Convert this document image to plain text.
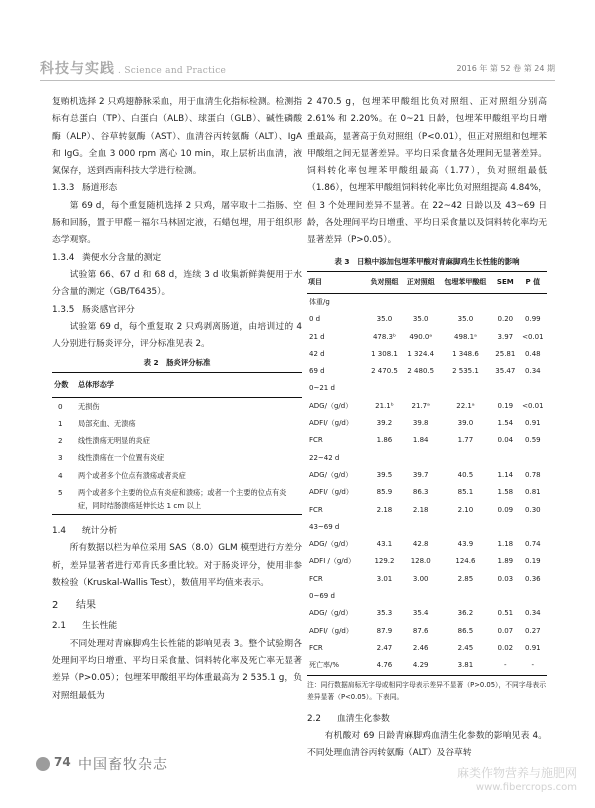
科技与实践 . Science and Practice	2016 年 第 52 卷 第 24 期

复贿机选择 2 只鸡翅静脉采血，用于血清生化指标检测。检测指标有总蛋白（TP）、白蛋白（ALB）、球蛋白（GLB）、碱性磷酸酶（ALP）、谷草转氨酶（AST）、血清谷丙转氨酶（ALT）、IgA 和 IgG。全血 3 000 rpm 离心 10 min，取上层析出血清，液氮保存，送到西南科技大学进行检测。

1.3.3 肠道形态

第 69 d，每个重复随机选择 2 只鸡，屠宰取十二指肠、空肠和回肠，置于甲醛－福尔马林固定液，石蜡包埋，用于组织形态学观察。

1.3.4 粪便水分含量的测定

试验第 66、67 d 和 68 d，连续 3 d 收集新鲜粪便用于水分含量的测定（GB/T6435）。

1.3.5 肠炎感官评分

试验第 69 d，每个重复取 2 只鸡剥离肠道，由培训过的 4 人分别进行肠炎评分，评分标准见表 2。

表 2　肠炎评分标准
分数	总体形态学
0	无损伤
1	局部充血、无溃疡
2	线性溃疡无明显的炎症
3	线性溃疡在一个位置有炎症
4	两个或者多个位点有溃疡或者炎症
5	两个或者多个主要的位点有炎症和溃疡；或者一个主要的位点有炎症，同时结肠溃疡延伸长达 1 cm 以上
1.4 统计分析

所有数据以栏为单位采用 SAS（8.0）GLM 模型进行方差分析，差异显著者进行邓肯氏多重比较。对于肠炎评分，使用非参数检验（Kruskal-Wallis Test），数值用平均值来表示。

2 结果
2.1 生长性能

不同处理对青麻脚鸡生长性能的影响见表 3。整个试验期各处理间平均日增重、平均日采食量、饲料转化率及死亡率无显著差异（P>0.05）；包埋苯甲酸组平均体重最高为 2 535.1 g，负对照组最低为

2 470.5 g，包埋苯甲酸组比负对照组、正对照组分别高 2.61% 和 2.20%。在 0~21 日龄，包埋苯甲酸组平均日增重最高，显著高于负对照组（P<0.01），但正对照组和包埋苯甲酸组之间无显著差异。平均日采食量各处理间无显著差异。饲料转化率包埋苯甲酸组最高（1.77），负对照组最低（1.86），包埋苯甲酸组饲料转化率比负对照组提高 4.84%，但 3 个处理间差异不显著。在 22~42 日龄以及 43~69 日龄，各处理间平均日增重、平均日采食量以及饲料转化率均无显著差异（P>0.05）。

表 3　日粮中添加包埋苯甲酸对青麻脚鸡生长性能的影响
项目	负对照组	正对照组	包埋苯甲酸组	SEM	P 值
体重/g					
0 d	35.0	35.0	35.0	0.20	0.99
21 d	478.3ᵇ	490.0ᵃ	498.1ᵃ	3.97	<0.01
42 d	1 308.1	1 324.4	1 348.6	25.81	0.48
69 d	2 470.5	2 480.5	2 535.1	35.47	0.34
0~21 d					
ADG/（g/d）	21.1ᵇ	21.7ᵃ	22.1ᵃ	0.19	<0.01
ADFI/（g/d）	39.2	39.8	39.0	1.54	0.91
FCR	1.86	1.84	1.77	0.04	0.59
22~42 d					
ADG/（g/d）	39.5	39.7	40.5	1.14	0.78
ADFI/（g/d）	85.9	86.3	85.1	1.58	0.81
FCR	2.18	2.18	2.10	0.09	0.30
43~69 d					
ADG/（g/d）	43.1	42.8	43.9	1.18	0.74
ADFI /（g/d）	129.2	128.0	124.6	1.89	0.19
FCR	3.01	3.00	2.85	0.03	0.36
0~69 d					
ADG/（g/d）	35.3	35.4	36.2	0.51	0.34
ADFI/（g/d）	87.9	87.6	86.5	0.07	0.27
FCR	2.47	2.46	2.45	0.02	0.91
死亡率/%	4.76	4.29	3.81	-	-

注：同行数据肩标无字母或相同字母表示差异不显著（P>0.05），不同字母表示差异显著（P<0.05）。下表同。

2.2 血清生化参数

有机酸对 69 日龄青麻脚鸡血清生化参数的影响见表 4。不同处理血清谷丙转氨酶（ALT）及谷草转

74 中国畜牧杂志	麻类作物营养与施肥网
www.fibercrops.com
